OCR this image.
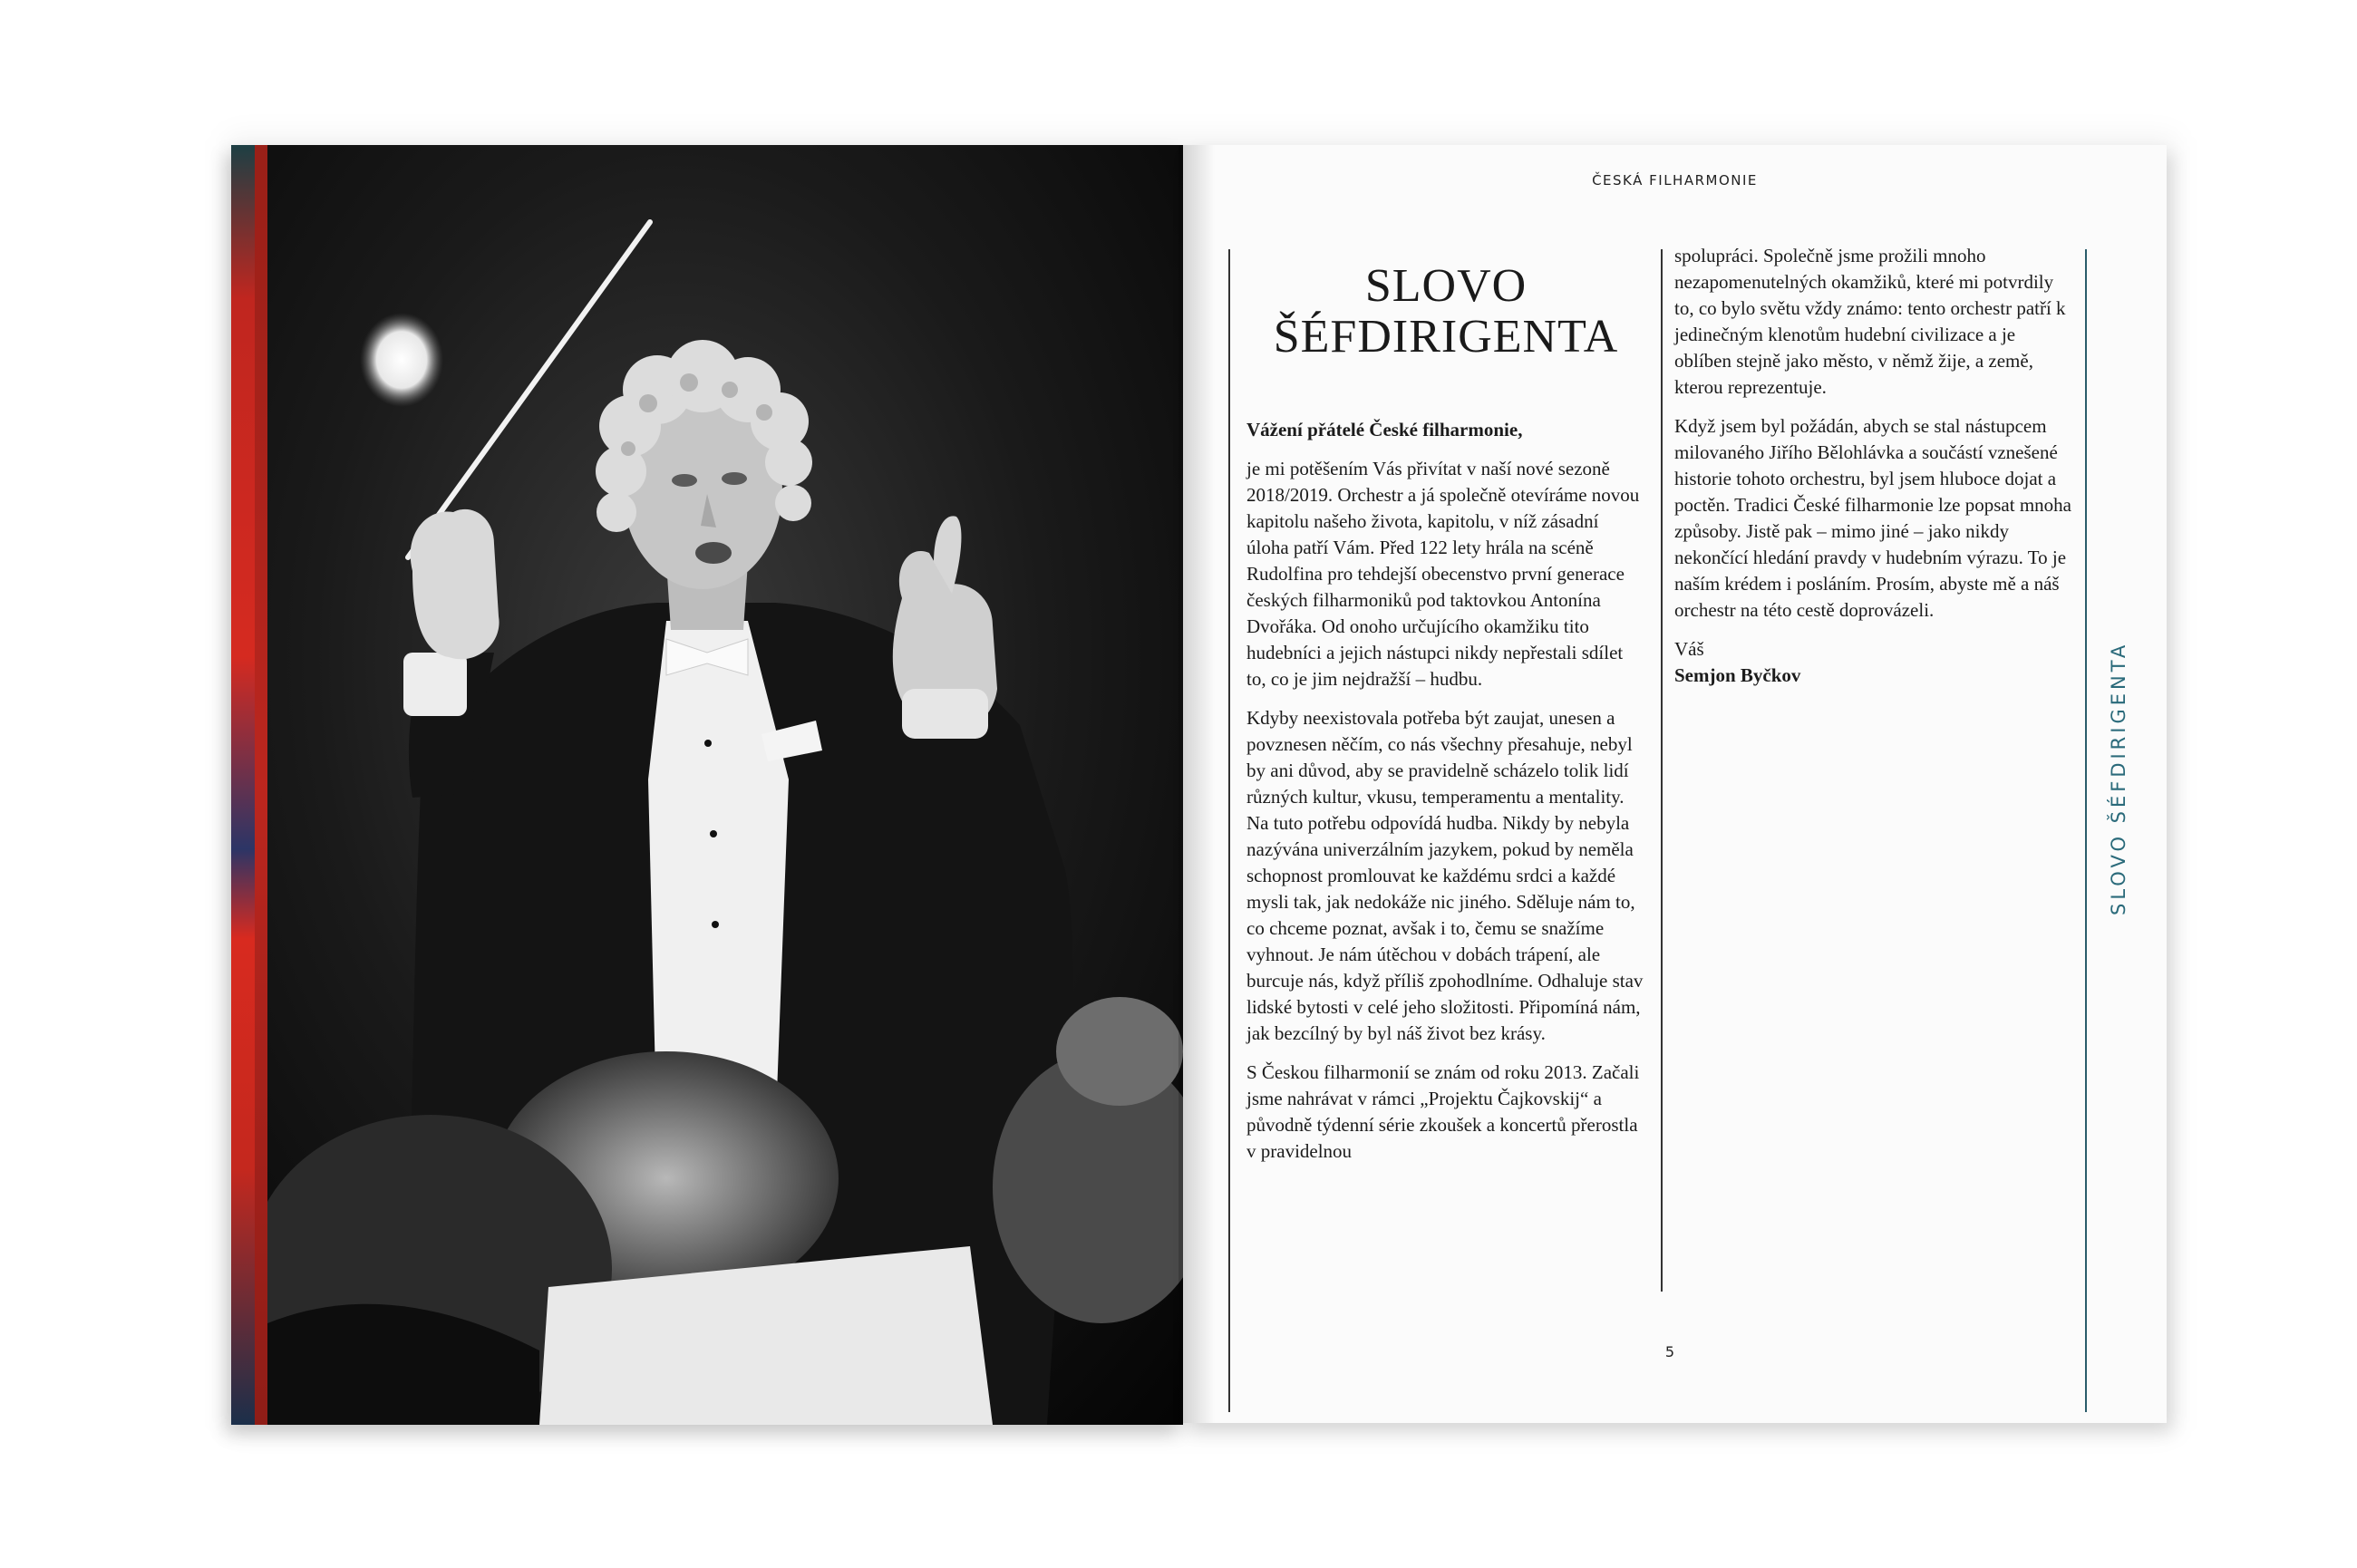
ČESKÁ FILHARMONIE
SLOVO
ŠÉFDIRIGENTA

Vážení přátelé České filharmonie,

je mi potěšením Vás přivítat v naší nové sezoně 2018/2019. Orchestr a já společně otevíráme novou kapitolu našeho života, kapitolu, v níž zásadní úloha patří Vám. Před 122 lety hrála na scéně Rudolfina pro tehdejší obecenstvo první generace českých filharmoniků pod taktovkou Antonína Dvořáka. Od onoho určujícího okamžiku tito hudebníci a jejich nástupci nikdy nepřestali sdílet to, co je jim nejdražší – hudbu.

Kdyby neexistovala potřeba být zaujat, unesen a povznesen něčím, co nás všechny přesahuje, nebyl by ani důvod, aby se pravidelně scházelo tolik lidí různých kultur, vkusu, temperamentu a mentality. Na tuto potřebu odpovídá hudba. Nikdy by nebyla nazývána univerzálním jazykem, pokud by neměla schopnost promlouvat ke každému srdci a každé mysli tak, jak nedokáže nic jiného. Sděluje nám to, co chceme poznat, avšak i to, čemu se snažíme vyhnout. Je nám útěchou v dobách trápení, ale burcuje nás, když příliš zpohodlníme. Odhaluje stav lidské bytosti v celé jeho složitosti. Připomíná nám, jak bezcílný by byl náš život bez krásy.

S Českou filharmonií se znám od roku 2013. Začali jsme nahrávat v rámci „Projektu Čajkovskij“ a původně týdenní série zkoušek a koncertů přerostla v pravidelnou

spolupráci. Společně jsme prožili mnoho nezapomenutelných okamžiků, které mi potvrdily to, co bylo světu vždy známo: tento orchestr patří k jedinečným klenotům hudební civilizace a je oblíben stejně jako město, v němž žije, a země, kterou reprezentuje.

Když jsem byl požádán, abych se stal nástupcem milovaného Jiřího Bělohlávka a součástí vznešené historie tohoto orchestru, byl jsem hluboce dojat a poctěn. Tradici České filharmonie lze popsat mnoha způsoby. Jistě pak – mimo jiné – jako nikdy nekončící hledání pravdy v hudebním výrazu. To je naším krédem i posláním. Prosím, abyste mě a náš orchestr na této cestě doprovázeli.

Váš

Semjon Byčkov	SLOVO ŠÉFDIRIGENTA
5
